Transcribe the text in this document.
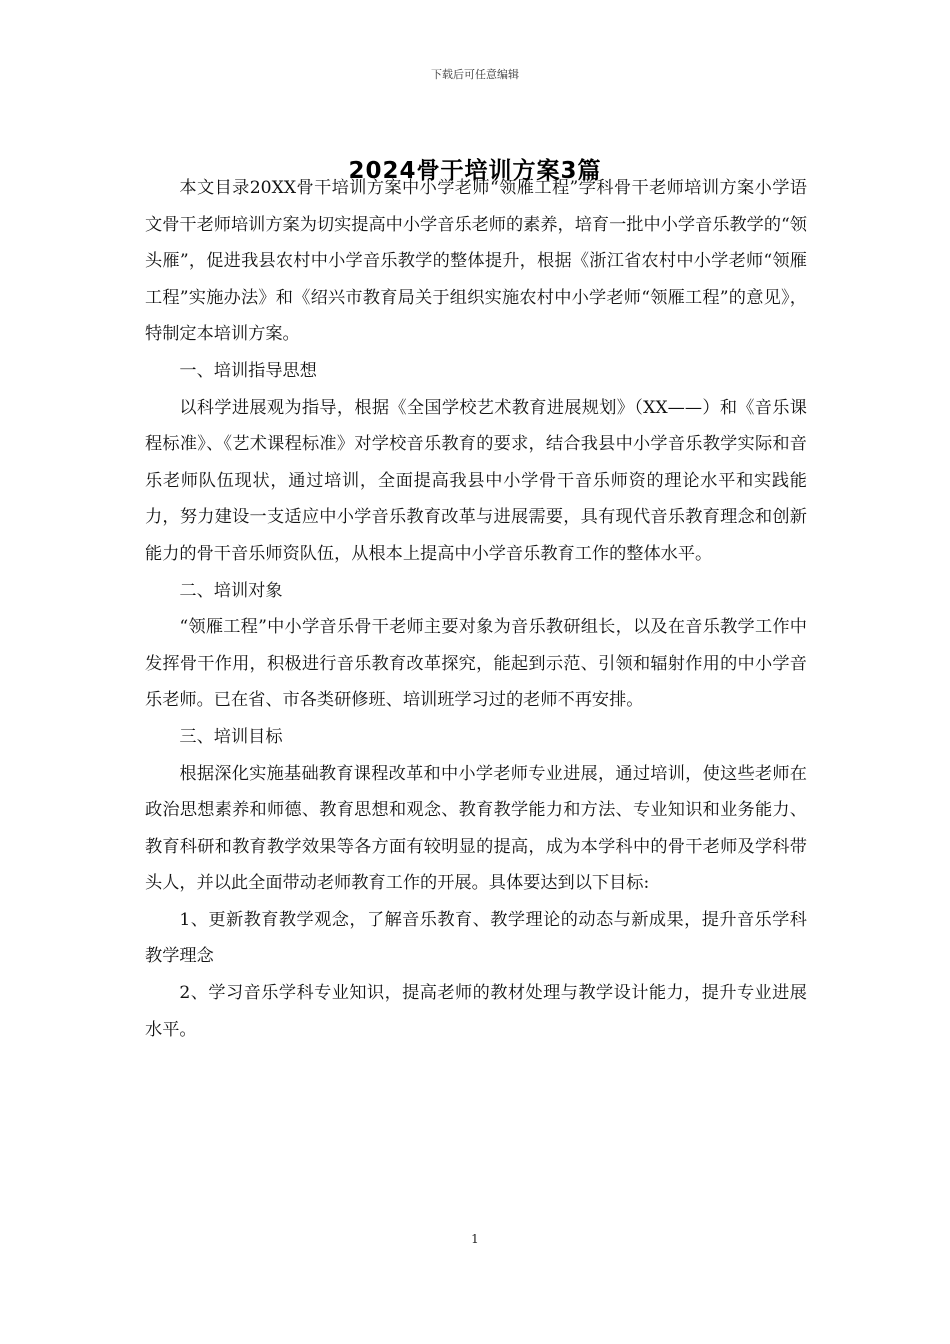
下载后可任意编辑
2024骨干培训方案3篇

本文目录20XX骨干培训方案中小学老师“领雁工程”学科骨干老师培训方案小学语文骨干老师培训方案为切实提高中小学音乐老师的素养，培育一批中小学音乐教学的“领头雁”，促进我县农村中小学音乐教学的整体提升，根据《浙江省农村中小学老师“领雁工程”实施办法》和《绍兴市教育局关于组织实施农村中小学老师“领雁工程”的意见》，特制定本培训方案。

一、培训指导思想

以科学进展观为指导，根据《全国学校艺术教育进展规划》（XX——）和《音乐课程标准》、《艺术课程标准》对学校音乐教育的要求，结合我县中小学音乐教学实际和音乐老师队伍现状，通过培训，全面提高我县中小学骨干音乐师资的理论水平和实践能力，努力建设一支适应中小学音乐教育改革与进展需要，具有现代音乐教育理念和创新能力的骨干音乐师资队伍，从根本上提高中小学音乐教育工作的整体水平。

二、培训对象

“领雁工程”中小学音乐骨干老师主要对象为音乐教研组长，以及在音乐教学工作中发挥骨干作用，积极进行音乐教育改革探究，能起到示范、引领和辐射作用的中小学音乐老师。已在省、市各类研修班、培训班学习过的老师不再安排。

三、培训目标

根据深化实施基础教育课程改革和中小学老师专业进展，通过培训，使这些老师在政治思想素养和师德、教育思想和观念、教育教学能力和方法、专业知识和业务能力、教育科研和教育教学效果等各方面有较明显的提高，成为本学科中的骨干老师及学科带头人，并以此全面带动老师教育工作的开展。具体要达到以下目标:

1、更新教育教学观念，了解音乐教育、教学理论的动态与新成果，提升音乐学科教学理念

2、学习音乐学科专业知识，提高老师的教材处理与教学设计能力，提升专业进展水平。

1
